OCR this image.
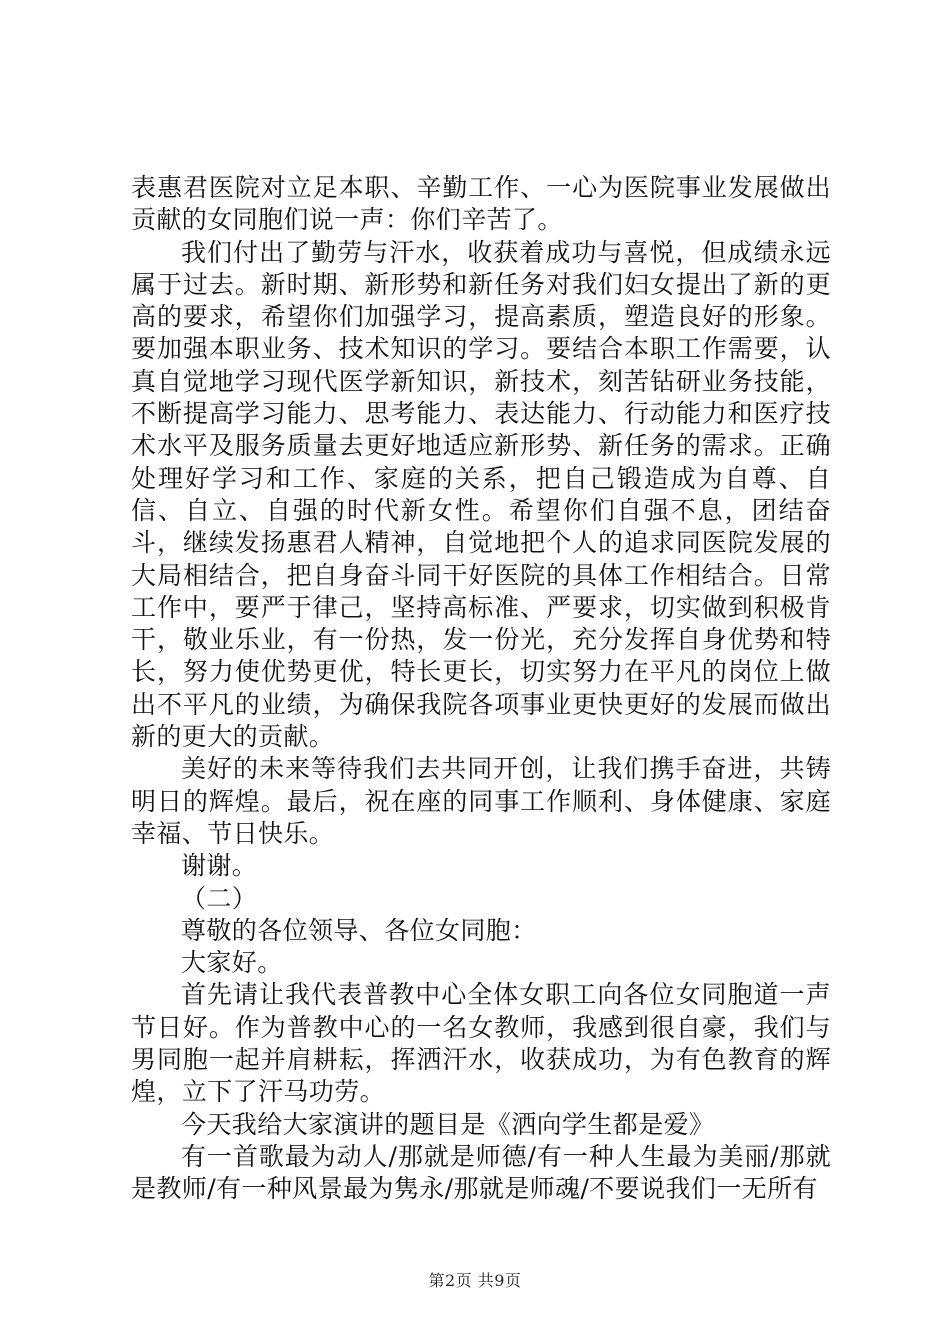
表惠君医院对立足本职、辛勤工作、一心为医院事业发展做出贡献的女同胞们说一声：你们辛苦了。

我们付出了勤劳与汗水，收获着成功与喜悦，但成绩永远属于过去。新时期、新形势和新任务对我们妇女提出了新的更高的要求，希望你们加强学习，提高素质，塑造良好的形象。要加强本职业务、技术知识的学习。要结合本职工作需要，认真自觉地学习现代医学新知识，新技术，刻苦钻研业务技能，不断提高学习能力、思考能力、表达能力、行动能力和医疗技术水平及服务质量去更好地适应新形势、新任务的需求。正确处理好学习和工作、家庭的关系，把自己锻造成为自尊、自信、自立、自强的时代新女性。希望你们自强不息，团结奋斗，继续发扬惠君人精神，自觉地把个人的追求同医院发展的大局相结合，把自身奋斗同干好医院的具体工作相结合。日常工作中，要严于律己，坚持高标准、严要求，切实做到积极肯干，敬业乐业，有一份热，发一份光，充分发挥自身优势和特长，努力使优势更优，特长更长，切实努力在平凡的岗位上做出不平凡的业绩，为确保我院各项事业更快更好的发展而做出新的更大的贡献。

美好的未来等待我们去共同开创，让我们携手奋进，共铸明日的辉煌。最后，祝在座的同事工作顺利、身体健康、家庭幸福、节日快乐。

谢谢。

（二）

尊敬的各位领导、各位女同胞：

大家好。

首先请让我代表普教中心全体女职工向各位女同胞道一声节日好。作为普教中心的一名女教师，我感到很自豪，我们与男同胞一起并肩耕耘，挥洒汗水，收获成功，为有色教育的辉煌，立下了汗马功劳。

今天我给大家演讲的题目是《洒向学生都是爱》

有一首歌最为动人/那就是师德/有一种人生最为美丽/那就是教师/有一种风景最为隽永/那就是师魂/不要说我们一无所有

第2页 共9页
